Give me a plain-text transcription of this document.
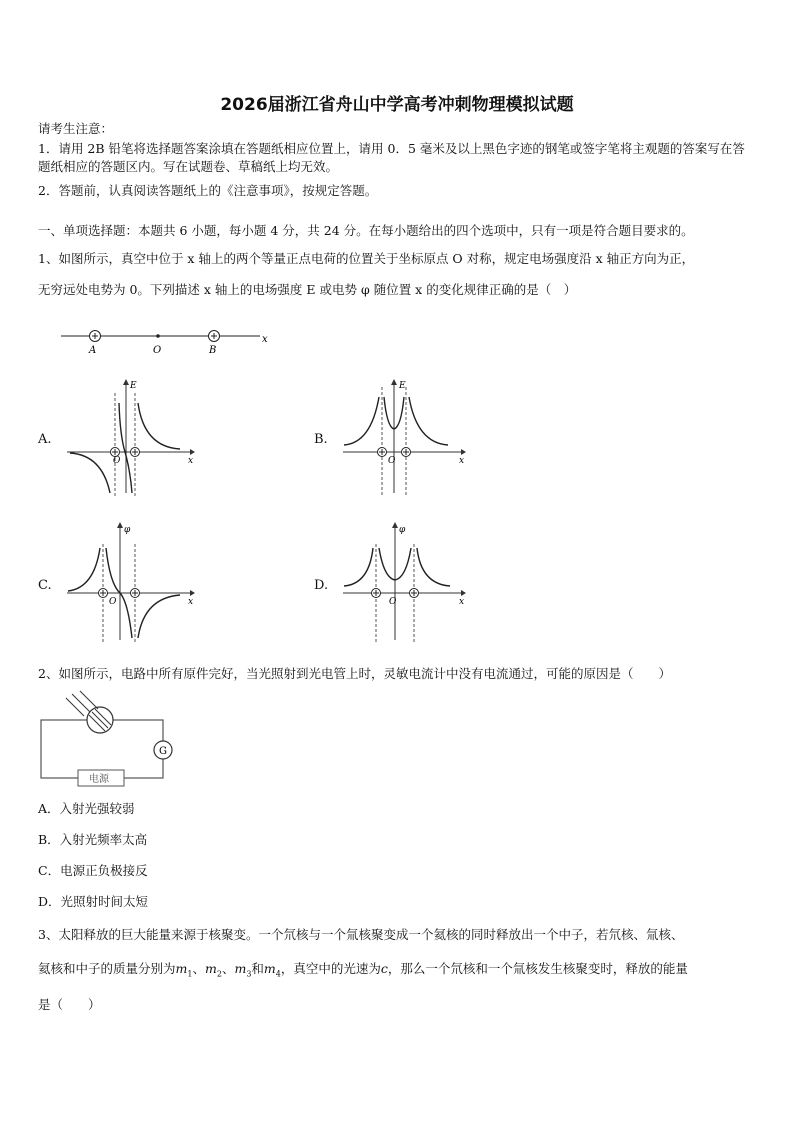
2026届浙江省舟山中学高考冲刺物理模拟试题
请考生注意：
1．请用 2B 铅笔将选择题答案涂填在答题纸相应位置上，请用 0．5 毫米及以上黑色字迹的钢笔或签字笔将主观题的答案写在答题纸相应的答题区内。写在试题卷、草稿纸上均无效。
2．答题前，认真阅读答题纸上的《注意事项》，按规定答题。
一、单项选择题：本题共 6 小题，每小题 4 分，共 24 分。在每小题给出的四个选项中，只有一项是符合题目要求的。
1、如图所示，真空中位于 x 轴上的两个等量正点电荷的位置关于坐标原点 O 对称，规定电场强度沿 x 轴正方向为正，
无穷远处电势为 0。下列描述 x 轴上的电场强度 E 或电势 φ 随位置 x 的变化规律正确的是（　）
A	O	B
x
A.	B.
C.	D.
E
x
O
E
x
O
φ
x
O
φ
x
O
2、如图所示，电路中所有原件完好，当光照射到光电管上时，灵敏电流计中没有电流通过，可能的原因是（　　）
G
电源
A．入射光强较弱
B．入射光频率太高
C．电源正负极接反
D．光照射时间太短
3、太阳释放的巨大能量来源于核聚变。一个氘核与一个氚核聚变成一个氦核的同时释放出一个中子，若氘核、氚核、
氦核和中子的质量分别为$m_1$、$m_2$、$m_3$和$m_4$，真空中的光速为c，那么一个氘核和一个氚核发生核聚变时，释放的能量
是（　　）
